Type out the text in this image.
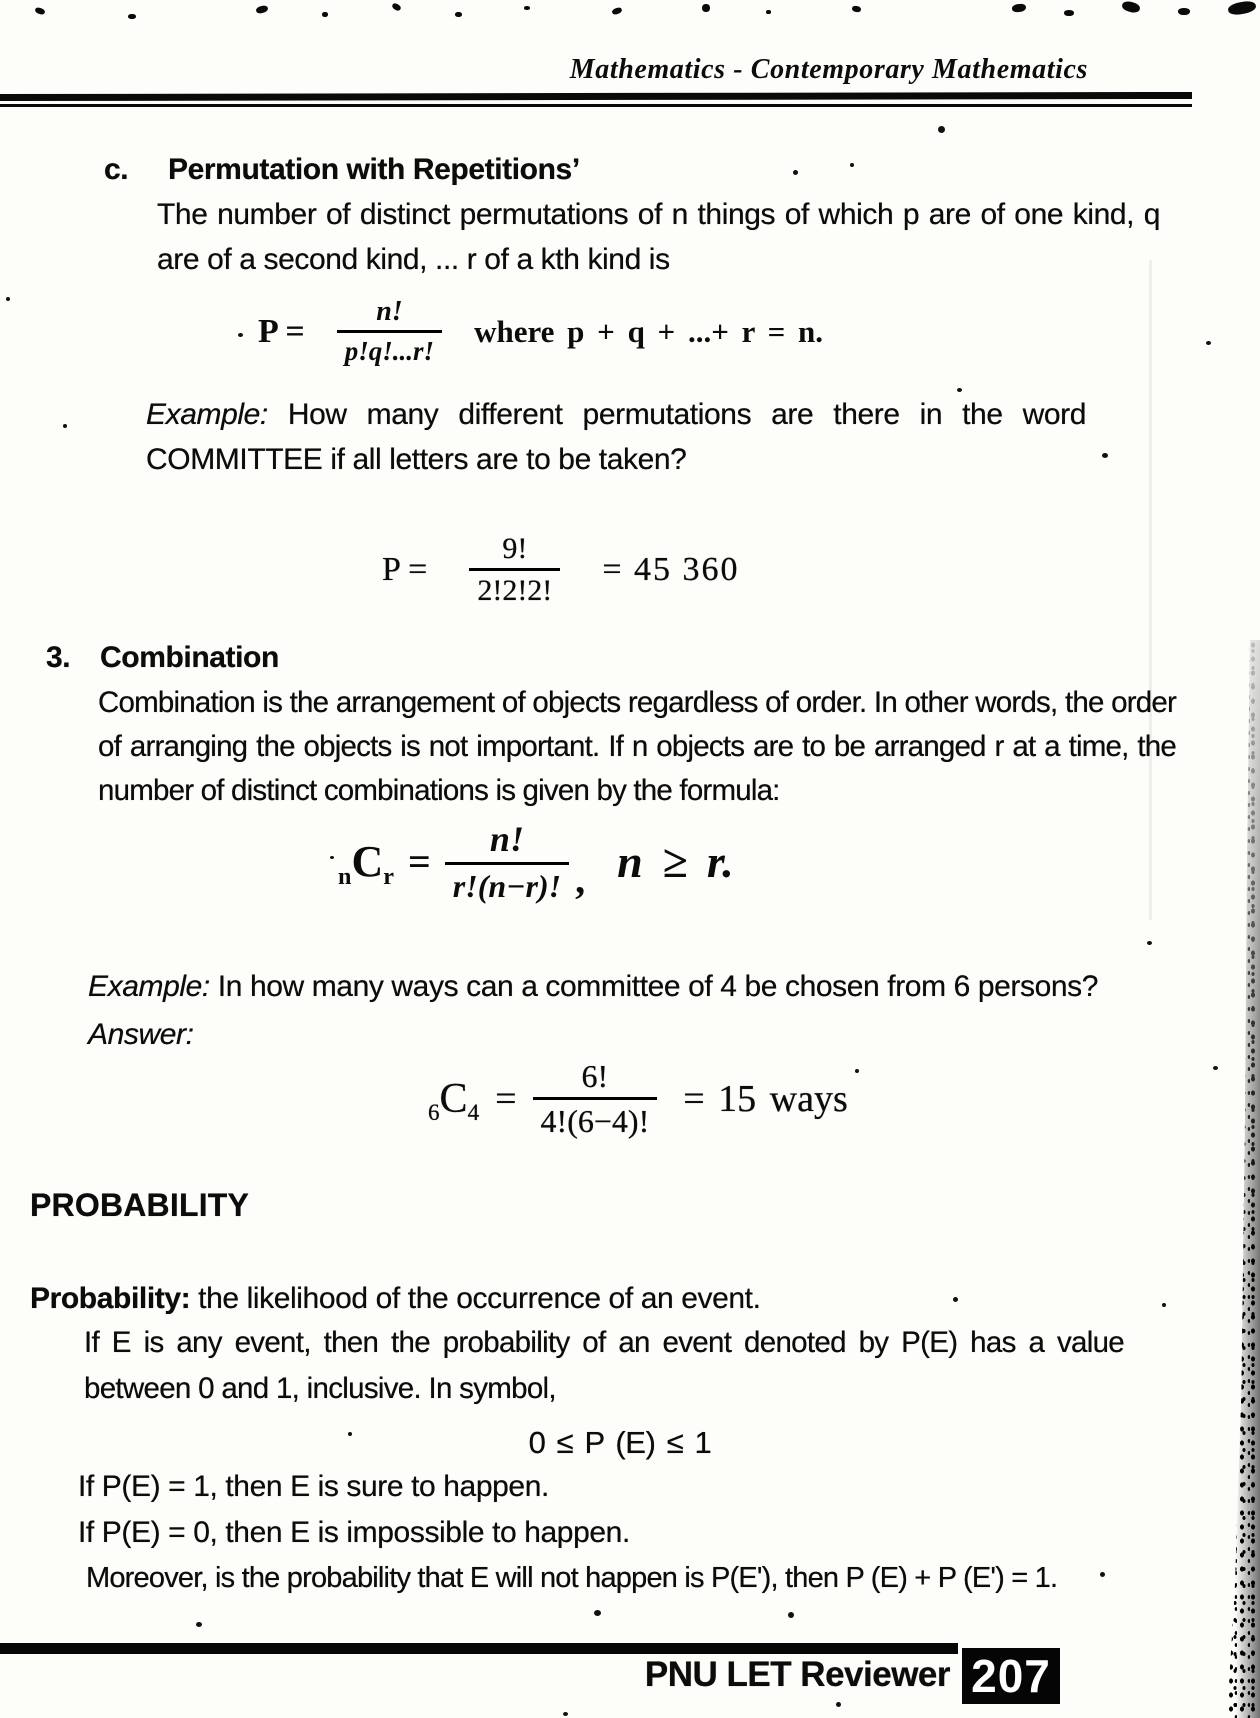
Mathematics - Contemporary Mathematics
c. Permutation with Repetitions’
The number of distinct permutations of n things of which p are of one kind, q are of a second kind, ... r of a kth kind is
$P = \frac{n!}{p!q!...r!}$ where p + q + ...+ r = n.
Example: How many different permutations are there in the word COMMITTEE if all letters are to be taken?
$P = \frac{9!}{2!2!2!} = 45$ 360
3. Combination
Combination is the arrangement of objects regardless of order. In other words, the order of arranging the objects is not important. If n objects are to be arranged r at a time, the number of distinct combinations is given by the formula:
nCr = $\frac{n!}{r!(n-r)!}$ , n ≥ r.
Example: In how many ways can a committee of 4 be chosen from 6 persons?
Answer:
$6C4 = \frac{6!}{4!(6-4)!} = 15$ ways
PROBABILITY
Probability: the likelihood of the occurrence of an event.
If E is any event, then the probability of an event denoted by P(E) has a value between 0 and 1, inclusive. In symbol,
0 ≤ P (E) ≤ 1
If P(E) = 1, then E is sure to happen.
If P(E) = 0, then E is impossible to happen.
Moreover, is the probability that E will not happen is P(E'), then P (E) + P (E') = 1.
PNU LET Reviewer 207
